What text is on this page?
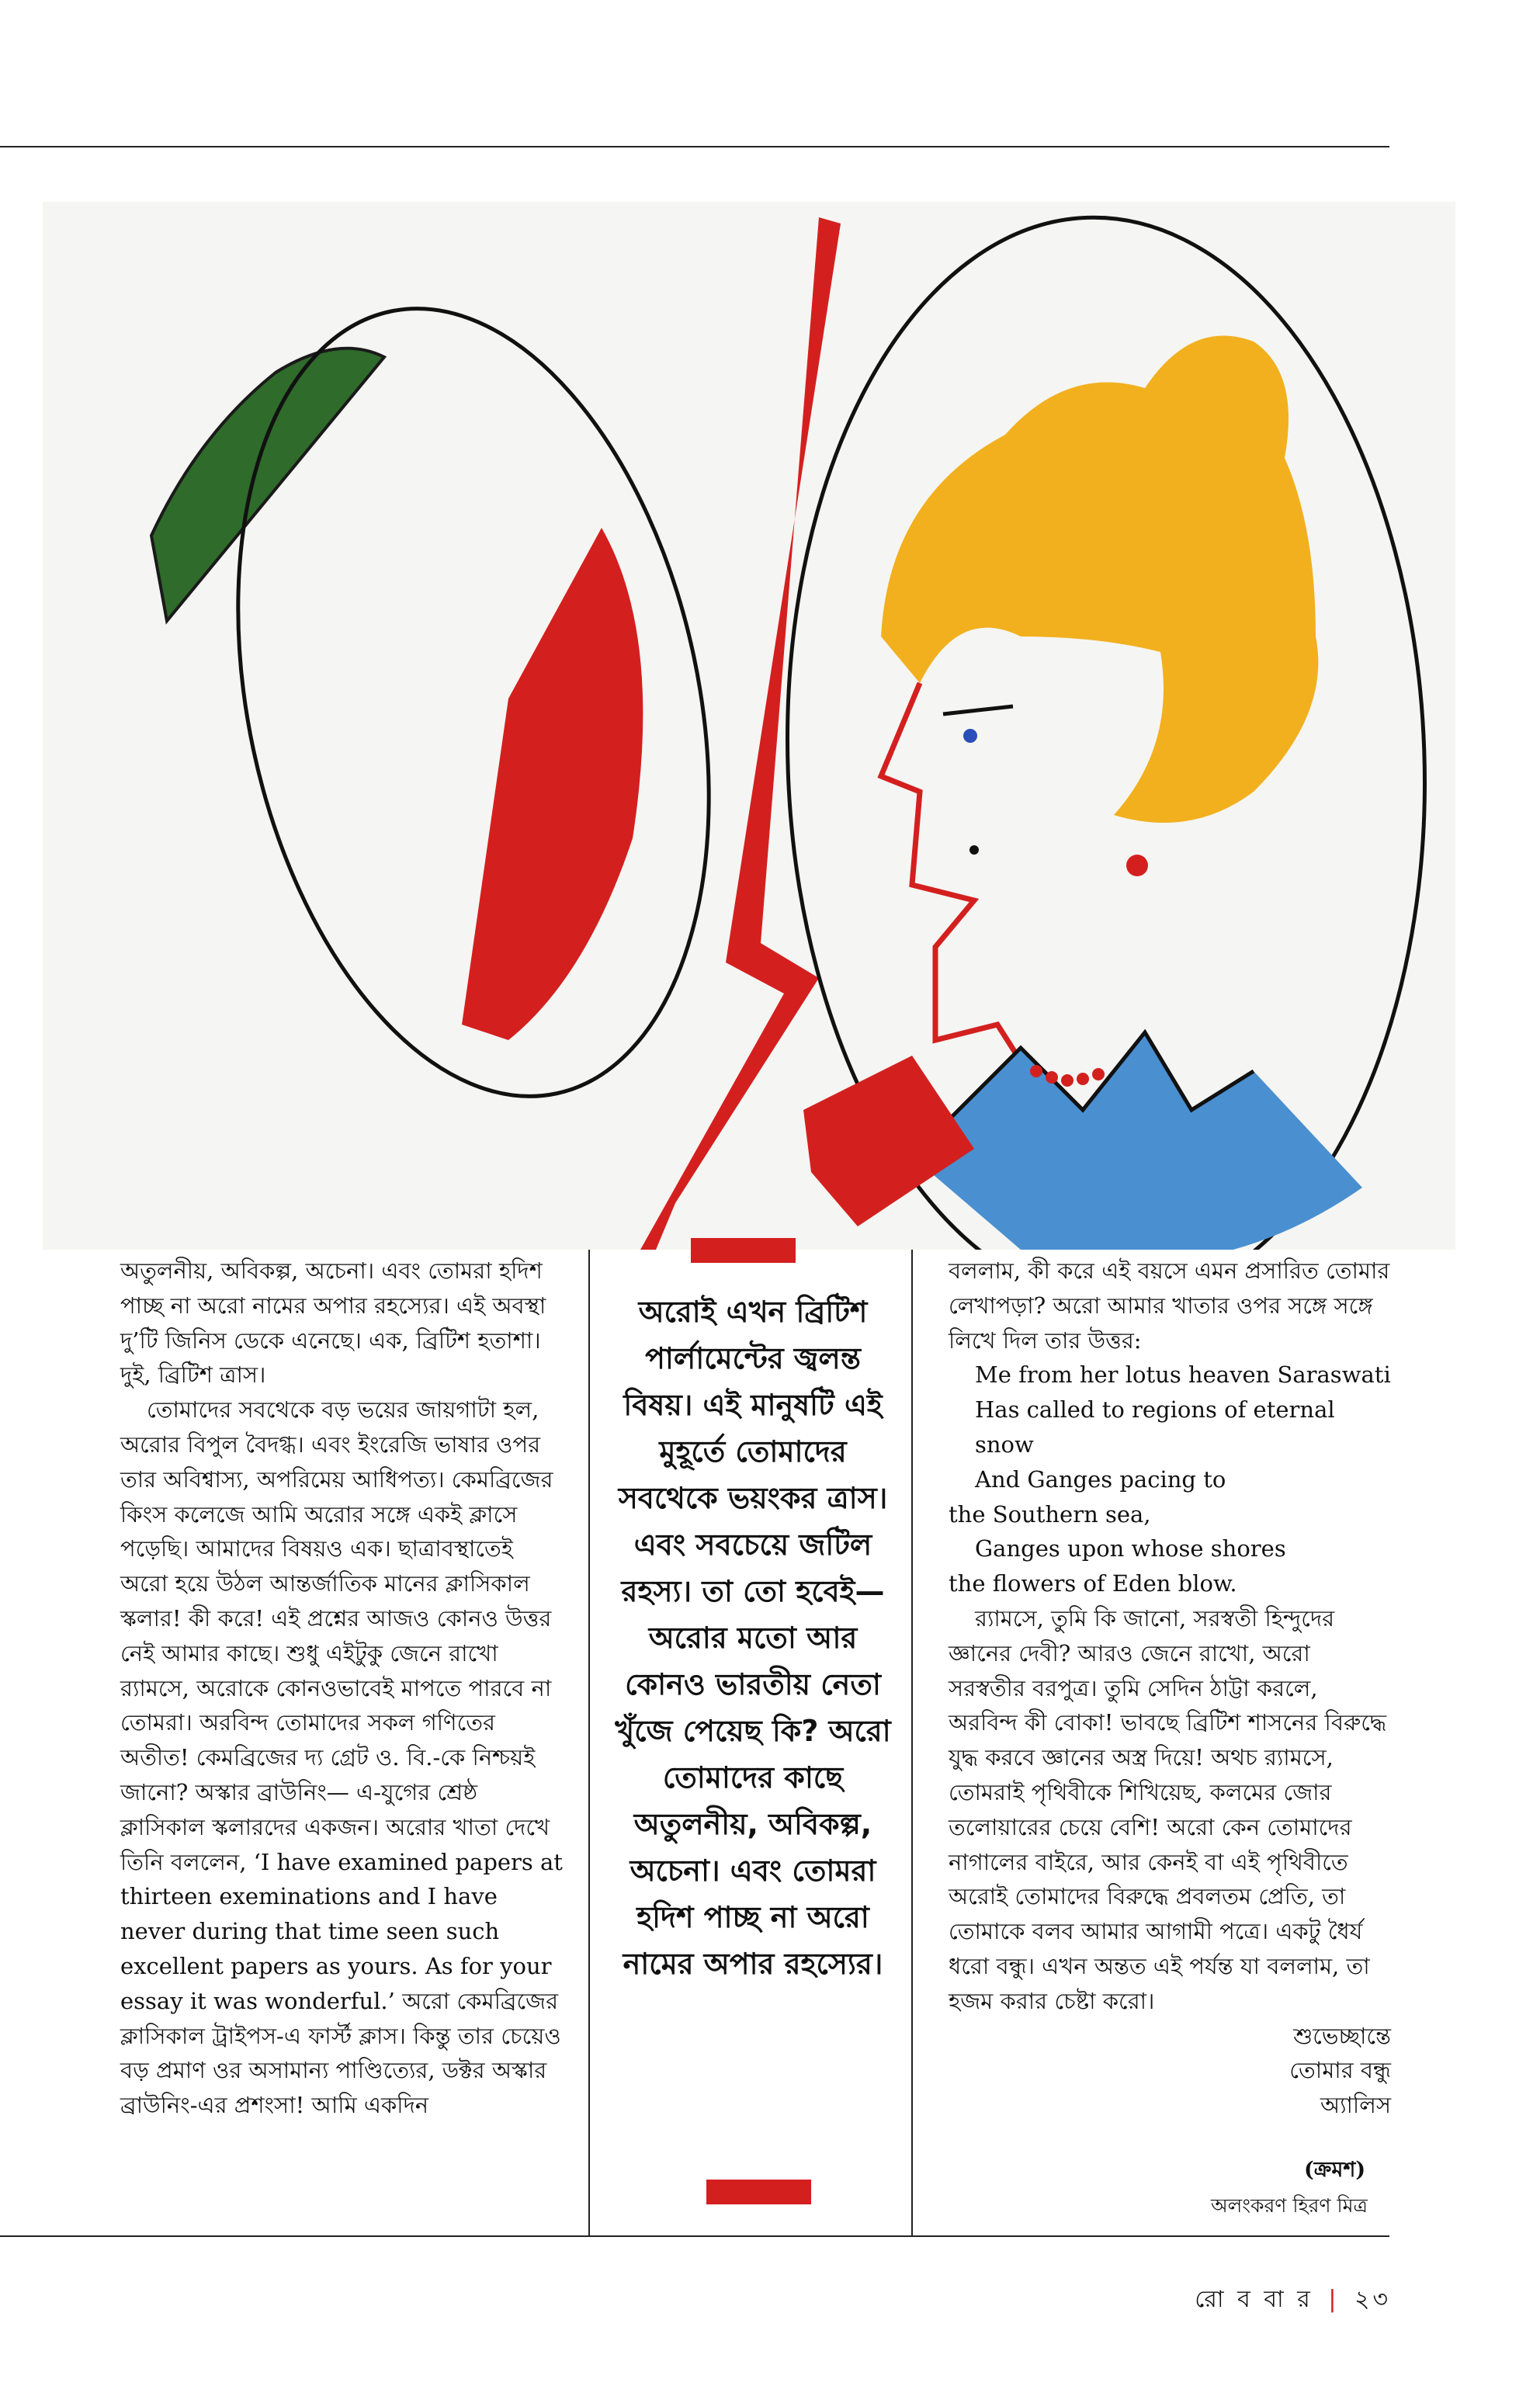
অতুলনীয়, অবিকল্প, অচেনা। এবং তোমরা হদিশ পাচ্ছ না অরো নামের অপার রহস্যের। এই অবস্থা দু’টি জিনিস ডেকে এনেছে। এক, ব্রিটিশ হতাশা। দুই, ব্রিটিশ ত্রাস।

তোমাদের সবথেকে বড় ভয়ের জায়গাটা হল, অরোর বিপুল বৈদগ্ধ। এবং ইংরেজি ভাষার ওপর তার অবিশ্বাস্য, অপরিমেয় আধিপত্য। কেমব্রিজের কিংস কলেজে আমি অরোর সঙ্গে একই ক্লাসে পড়েছি। আমাদের বিষয়ও এক। ছাত্রাবস্থাতেই অরো হয়ে উঠল আন্তর্জাতিক মানের ক্লাসিকাল স্কলার! কী করে! এই প্রশ্নের আজও কোনও উত্তর নেই আমার কাছে। শুধু এইটুকু জেনে রাখো র‍্যামসে, অরোকে কোনওভাবেই মাপতে পারবে না তোমরা। অরবিন্দ তোমাদের সকল গণিতের অতীত! কেমব্রিজের দ্য গ্রেট ও. বি.-কে নিশ্চয়ই জানো? অস্কার ব্রাউনিং— এ-যুগের শ্রেষ্ঠ ক্লাসিকাল স্কলারদের একজন। অরোর খাতা দেখে তিনি বললেন, ‘I have examined papers at thirteen exeminations and I have never during that time seen such excellent papers as yours. As for your essay it was wonderful.’ অরো কেমব্রিজের ক্লাসিকাল ট্রাইপস-এ ফার্স্ট ক্লাস। কিন্তু তার চেয়েও বড় প্রমাণ ওর অসামান্য পাণ্ডিত্যের, ডক্টর অস্কার ব্রাউনিং-এর প্রশংসা! আমি একদিন

অরোই এখন ব্রিটিশ পার্লামেন্টের জ্বলন্ত বিষয়। এই মানুষটি এই মুহূর্তে তোমাদের সবথেকে ভয়ংকর ত্রাস। এবং সবচেয়ে জটিল রহস্য। তা তো হবেই— অরোর মতো আর কোনও ভারতীয় নেতা খুঁজে পেয়েছ কি? অরো তোমাদের কাছে অতুলনীয়, অবিকল্প, অচেনা। এবং তোমরা হদিশ পাচ্ছ না অরো নামের অপার রহস্যের।

বললাম, কী করে এই বয়সে এমন প্রসারিত তোমার লেখাপড়া? অরো আমার খাতার ওপর সঙ্গে সঙ্গে লিখে দিল তার উত্তর:

Me from her lotus heaven Saraswati
Has called to regions of eternal snow
And Ganges pacing to
the Southern sea,
Ganges upon whose shores
the flowers of Eden blow.

র‍্যামসে, তুমি কি জানো, সরস্বতী হিন্দুদের জ্ঞানের দেবী? আরও জেনে রাখো, অরো সরস্বতীর বরপুত্র। তুমি সেদিন ঠাট্টা করলে, অরবিন্দ কী বোকা! ভাবছে ব্রিটিশ শাসনের বিরুদ্ধে যুদ্ধ করবে জ্ঞানের অস্ত্র দিয়ে! অথচ র‍্যামসে, তোমরাই পৃথিবীকে শিখিয়েছ, কলমের জোর তলোয়ারের চেয়ে বেশি! অরো কেন তোমাদের নাগালের বাইরে, আর কেনই বা এই পৃথিবীতে অরোই তোমাদের বিরুদ্ধে প্রবলতম প্রেতি, তা তোমাকে বলব আমার আগামী পত্রে। একটু ধৈর্য ধরো বন্ধু। এখন অন্তত এই পর্যন্ত যা বললাম, তা হজম করার চেষ্টা করো।

শুভেচ্ছান্তে

তোমার বন্ধু

অ্যালিস

(ক্রমশ)
অলংকরণ হিরণ মিত্র
রো ব বা র | ২৩
